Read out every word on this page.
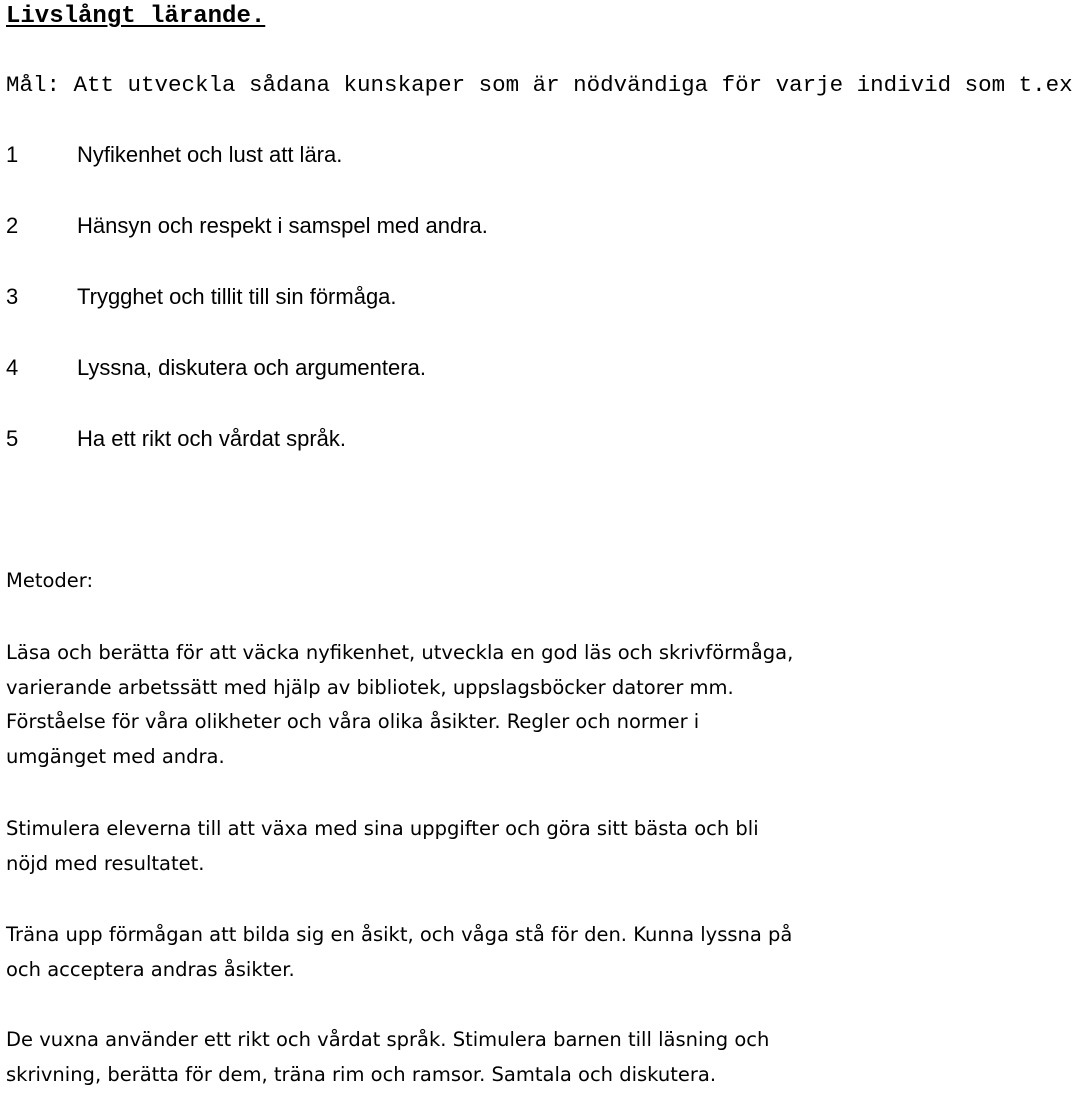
Livslångt lärande.
Mål: Att utveckla sådana kunskaper som är nödvändiga för varje individ som t.ex
1	Nyfikenhet och lust att lära.
2	Hänsyn och respekt i samspel med andra.
3	Trygghet och tillit till sin förmåga.
4	Lyssna, diskutera och argumentera.
5	Ha ett rikt och vårdat språk.
Metoder:
Läsa och berätta för att väcka nyfikenhet, utveckla en god läs och skrivförmåga,
varierande arbetssätt med hjälp av bibliotek, uppslagsböcker datorer mm.
Förståelse för våra olikheter och våra olika åsikter. Regler och normer i
umgänget med andra.
Stimulera eleverna till att växa med sina uppgifter och göra sitt bästa och bli
nöjd med resultatet.
Träna upp förmågan att bilda sig en åsikt, och våga stå för den. Kunna lyssna på
och acceptera andras åsikter.
De vuxna använder ett rikt och vårdat språk. Stimulera barnen till läsning och
skrivning, berätta för dem, träna rim och ramsor. Samtala och diskutera.
